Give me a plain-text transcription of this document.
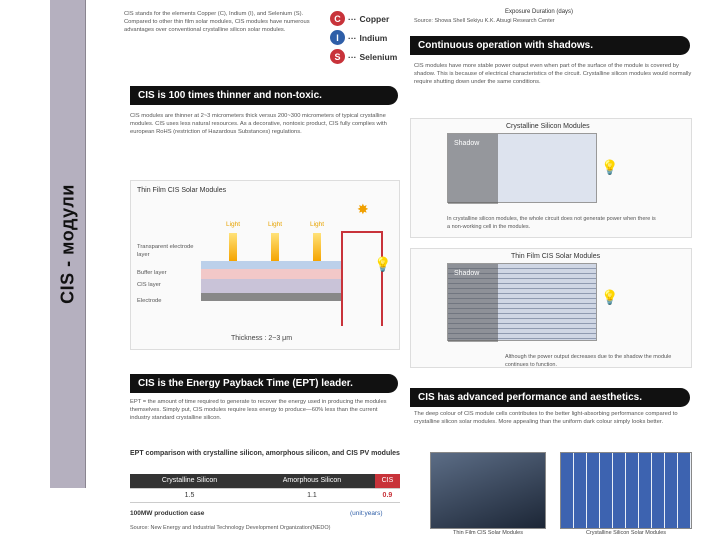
CIS - модули
CIS stands for the elements Copper (C), Indium (I), and Selenium (S). Compared to other thin film solar modules, CIS modules have numerous advantages over conventional crystalline silicon solar modules.
C ··· Copper
I	··· Indium
S ··· Selenium
CIS is 100 times thinner and non-toxic.
CIS modules are thinner at 2~3 micrometers thick versus 200~300 micrometers of typical crystalline modules. CIS uses less natural resources. As a decorative, nontoxic product, CIS fully complies with european RoHS (restriction of Hazardous Substances) regulations.
Thin Film CIS Solar Modules
✸
Light	Light	Light
Transparent electrode layer
Buffer layer
CIS layer
Electrode
💡
Thickness : 2~3 μm
CIS is the Energy Payback Time (EPT) leader.
EPT = the amount of time required to generate to recover the energy used in producing the modules themselves. Simply put, CIS modules require less energy to produce—60% less than the current industry standard crystalline silicon.
EPT comparison with crystalline silicon, amorphous silicon, and CIS PV modules
Crystalline Silicon	Amorphous Silicon	CIS
1.5	1.1	0.9
100MW production case	(unit:years)
Source: New Energy and Industrial Technology Development Organization(NEDO)
Exposure Duration (days)
Source: Showa Shell Sekiyu K.K. Atsugi Research Center
Continuous operation with shadows.
CIS modules have more stable power output even when part of the surface of the module is covered by shadow. This is because of electrical characteristics of the circuit. Crystalline silicon modules would normally require shutting down under the same conditions.
Crystalline Silicon Modules
Shadow
💡
In crystalline silicon modules, the whole circuit does not generate power when there is a non-working cell in the modules.
Thin Film CIS Solar Modules
Shadow
💡
Although the power output decreases due to the shadow the module continues to function.
CIS has advanced performance and aesthetics.
The deep colour of CIS module cells contributes to the better light-absorbing performance compared to crystalline silicon solar modules. More appealing than the uniform dark colour simply looks better.
Thin Film CIS Solar Modules	Crystalline Silicon Solar Modules
